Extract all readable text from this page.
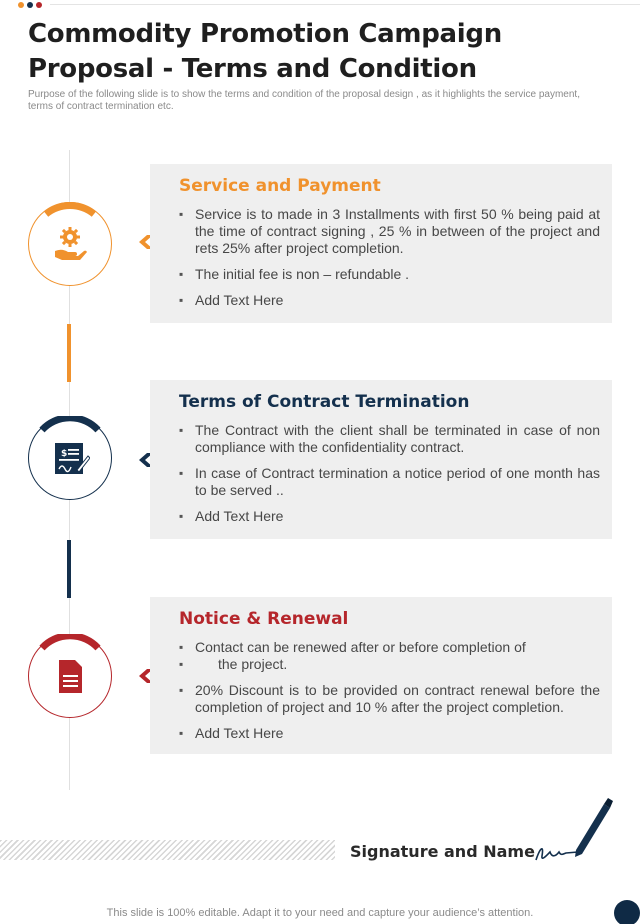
Commodity Promotion Campaign
Proposal - Terms and Condition
Purpose of the following slide is to show the terms and condition of the proposal design , as it highlights the service payment, terms of contract termination etc.
Service and Payment
▪ Service is to made in 3 Installments with first 50 % being paid at the time of contract signing , 25 % in between of the project and rets 25% after project completion.
▪ The initial fee is non – refundable .
▪ Add Text Here
$
Terms of Contract Termination
▪ The Contract with the client shall be terminated in case of non compliance with the confidentiality contract.
▪ In case of Contract termination a notice period of one month has to be served ..
▪ Add Text Here
Notice & Renewal
▪ Contact can be renewed after or before completion of
▪ the project.
▪ 20% Discount is to be provided on contract renewal before the completion of project and 10 % after the project completion.
▪ Add Text Here
Signature and Name
This slide is 100% editable. Adapt it to your need and capture your audience’s attention.
